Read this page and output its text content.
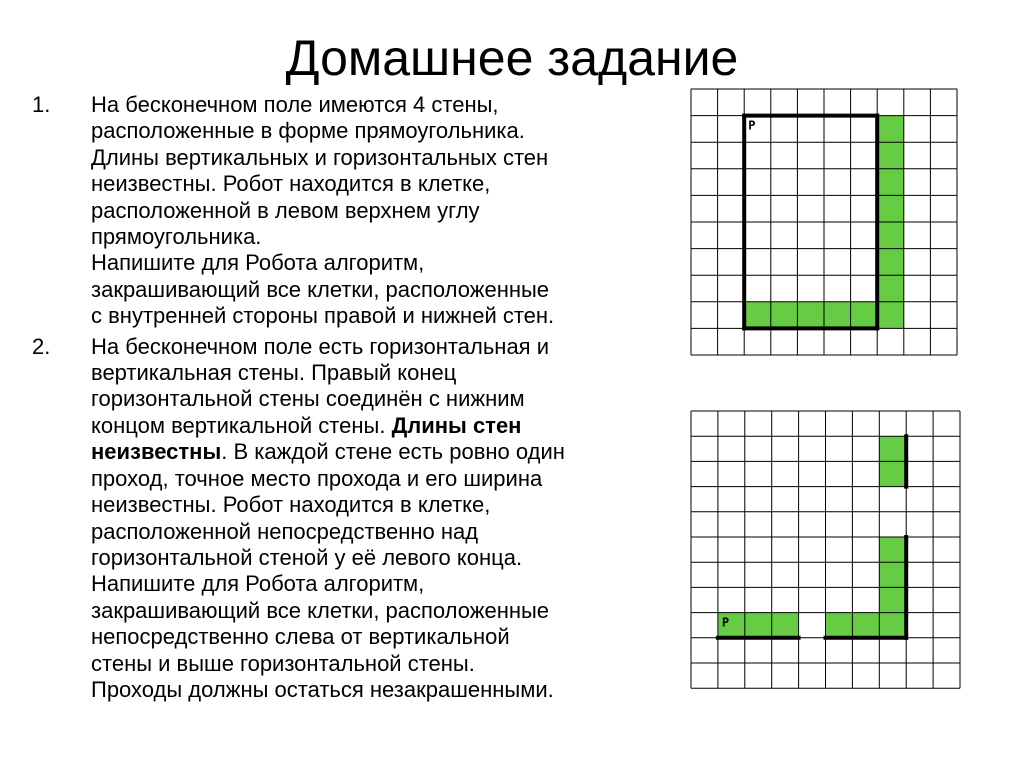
Домашнее задание
1. На бесконечном поле имеются 4 стены,
расположенные в форме прямоугольника.
Длины вертикальных и горизонтальных стен
неизвестны. Робот находится в клетке,
расположенной в левом верхнем углу
прямоугольника.
Напишите для Робота алгоритм,
закрашивающий все клетки, расположенные
с внутренней стороны правой и нижней стен.
2. На бесконечном поле есть горизонтальная и
вертикальная стены. Правый конец
горизонтальной стены соединён с нижним
концом вертикальной стены. Длины стен
неизвестны. В каждой стене есть ровно один
проход, точное место прохода и его ширина
неизвестны. Робот находится в клетке,
расположенной непосредственно над
горизонтальной стеной у её левого конца.
Напишите для Робота алгоритм,
закрашивающий все клетки, расположенные
непосредственно слева от вертикальной
стены и выше горизонтальной стены.
Проходы должны остаться незакрашенными.
Р
Р
